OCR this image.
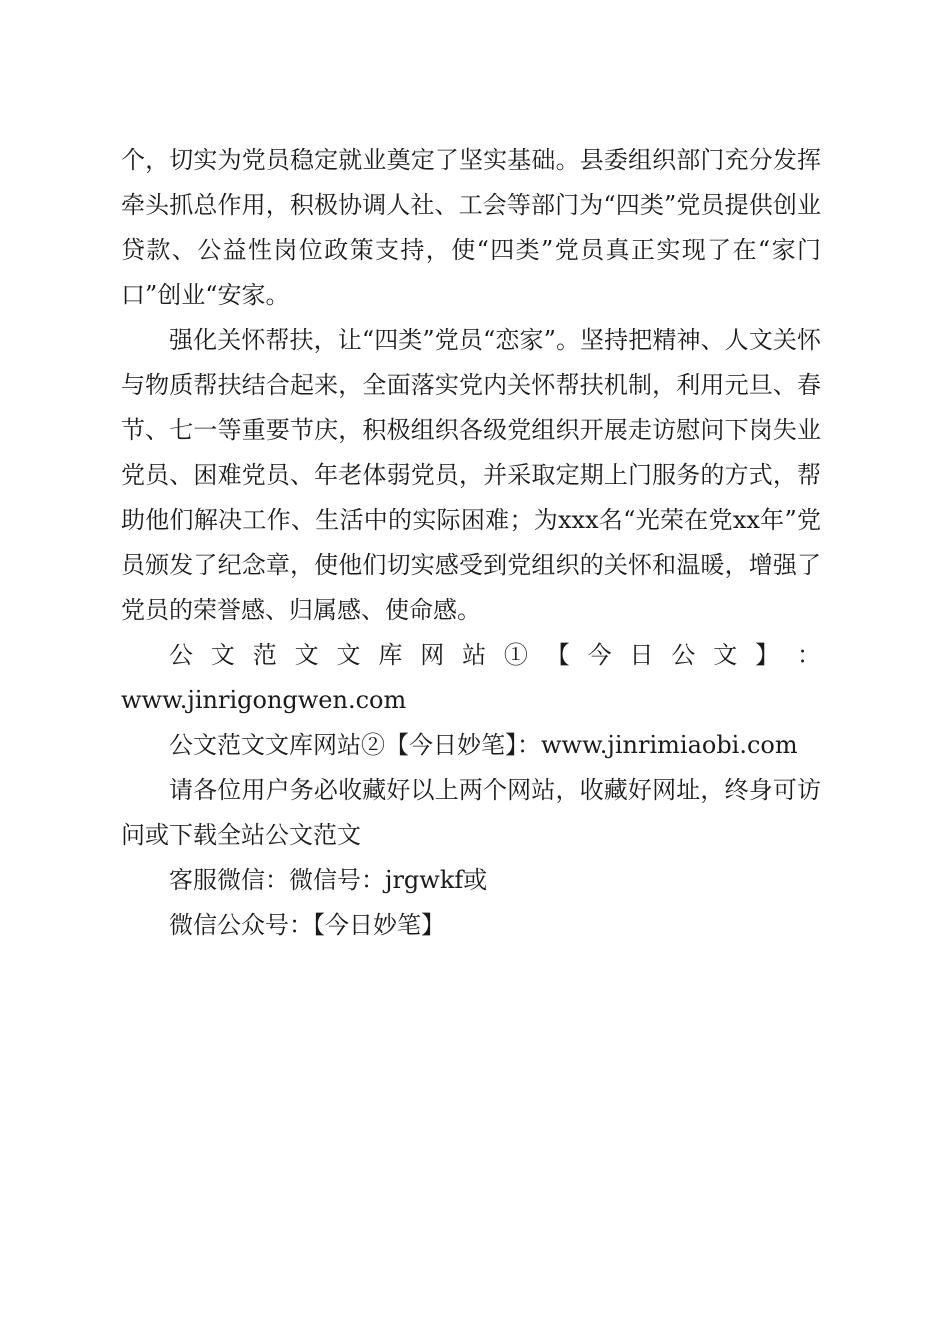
个，切实为党员稳定就业奠定了坚实基础。县委组织部门充分发挥牵头抓总作用，积极协调人社、工会等部门为“四类”党员提供创业贷款、公益性岗位政策支持，使“四类”党员真正实现了在“家门口”创业“安家。

强化关怀帮扶，让“四类”党员“恋家”。坚持把精神、人文关怀与物质帮扶结合起来，全面落实党内关怀帮扶机制，利用元旦、春节、七一等重要节庆，积极组织各级党组织开展走访慰问下岗失业党员、困难党员、年老体弱党员，并采取定期上门服务的方式，帮助他们解决工作、生活中的实际困难；为xxx名“光荣在党xx年”党员颁发了纪念章，使他们切实感受到党组织的关怀和温暖，增强了党员的荣誉感、归属感、使命感。

公 文 范 文 文 库 网 站 ① 【 今 日 公 文 】 ：

www.jinrigongwen.com

公文范文文库网站②【今日妙笔】：www.jinrimiaobi.com

请各位用户务必收藏好以上两个网站，收藏好网址，终身可访问或下载全站公文范文

客服微信：微信号：jrgwkf或

微信公众号：【今日妙笔】
